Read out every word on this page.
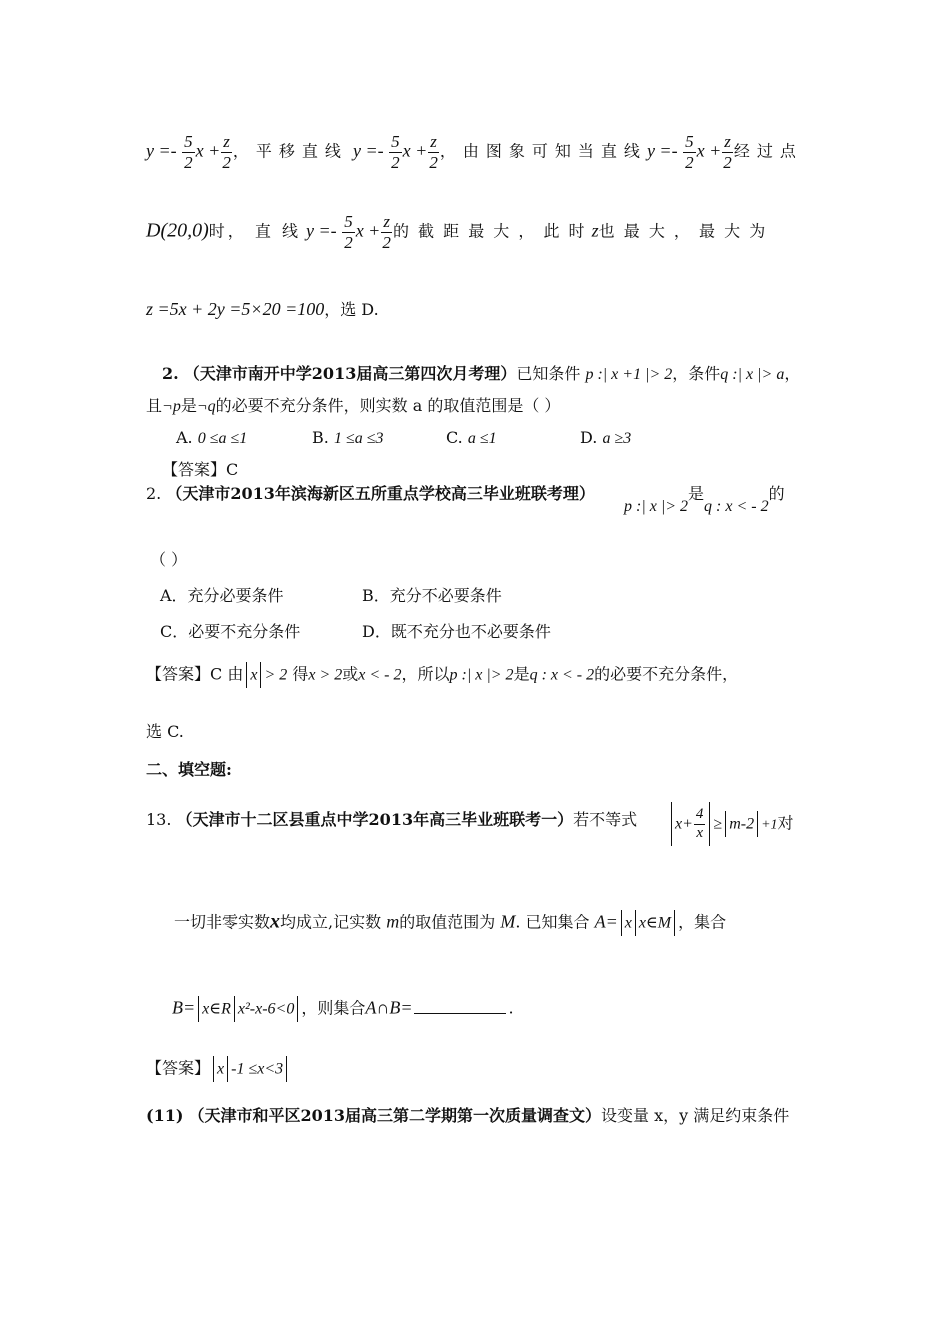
$y =- \frac{5}{2}$ $x + \frac{z}{2}$ ，平移直线 $y =- \frac{5}{2}$ $x + \frac{z}{2}$ ，由图象可知当直线$y =- \frac{5}{2}$ $x + \frac{z}{2}$ 经过点
D(20,0)时， 直 线 $y =- \frac{5}{2}$ $x + \frac{z}{2}$ 的 截 距 最 大 ， 此 时 z也 最 大 ， 最 大 为
z =5x + 2y =5×20 =100，选 D.
2. （天津市南开中学2013届高三第四次月考理）已知条件 p :| x +1 |> 2，条件q :| x |> a，
且¬p是¬q的必要不充分条件，则实数 a 的取值范围是（ ）
A. 0 ≤a ≤1	B. 1 ≤a ≤3	C. a ≤1	D. a ≥3
【答案】C
2. （天津市2013年滨海新区五所重点学校高三毕业班联考理）
p :| x |> 2是q : x < - 2的
（ ）
A．充分必要条件	B．充分不必要条件
C．必要不充分条件	D．既不充分也不必要条件
【答案】C 由 x > 2 得x > 2或x < - 2，所以p :| x |> 2是q : x < - 2的必要不充分条件，
选 C.
二、填空题:
13. （天津市十二区县重点中学2013年高三毕业班联考一）若不等式	$x+ \frac{4}{x} \ge m-2 +1$对
一切非零实数x均成立,记实数 m的取值范围为 M. 已知集合 A= x x∈M ，集合
B= x∈R x²-x-6<0 ，则集合A∩B=	.
【答案】 x -1 ≤x<3
(11) （天津市和平区2013届高三第二学期第一次质量调查文）设变量 x，y 满足约束条件
